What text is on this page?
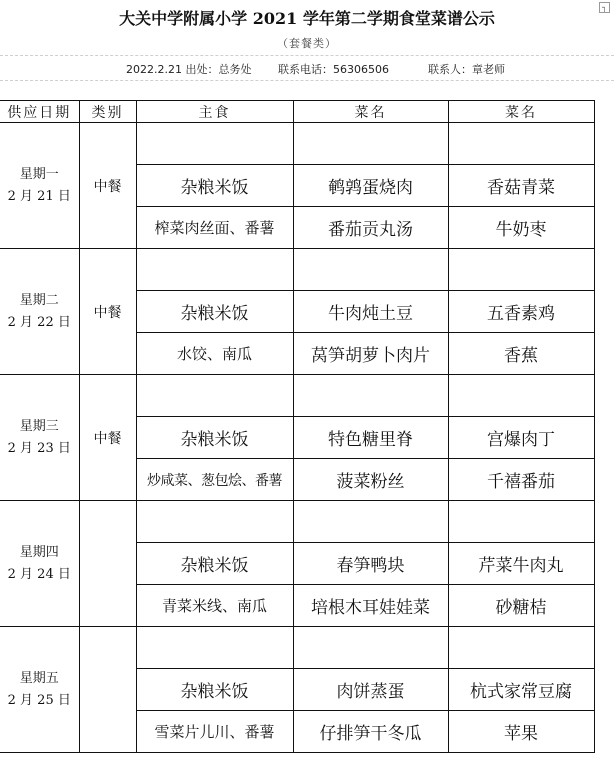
┐
大关中学附属小学 2021 学年第二学期食堂菜谱公示
（套餐类）
2022.2.21 出处：总务处 联系电话：56306506	联系人：章老师
供应日期	类别	主食	菜名	菜名

星期一
2 月 21 日	中餐			
		杂粮米饭	鹌鹑蛋烧肉	香菇青菜
		榨菜肉丝面、番薯	番茄贡丸汤	牛奶枣

星期二
2 月 22 日	中餐			
		杂粮米饭	牛肉炖土豆	五香素鸡
		水饺、南瓜	莴笋胡萝卜肉片	香蕉

星期三
2 月 23 日	中餐			
		杂粮米饭	特色糖里脊	宫爆肉丁
		炒咸菜、葱包烩、番薯	菠菜粉丝	千禧番茄

星期四
2 月 24 日				

		杂粮米饭	春笋鸭块	芹菜牛肉丸
		青菜米线、南瓜	培根木耳娃娃菜	砂糖桔

星期五
2 月 25 日				

		杂粮米饭	肉饼蒸蛋	杭式家常豆腐
		雪菜片儿川、番薯	仔排笋干冬瓜	苹果
